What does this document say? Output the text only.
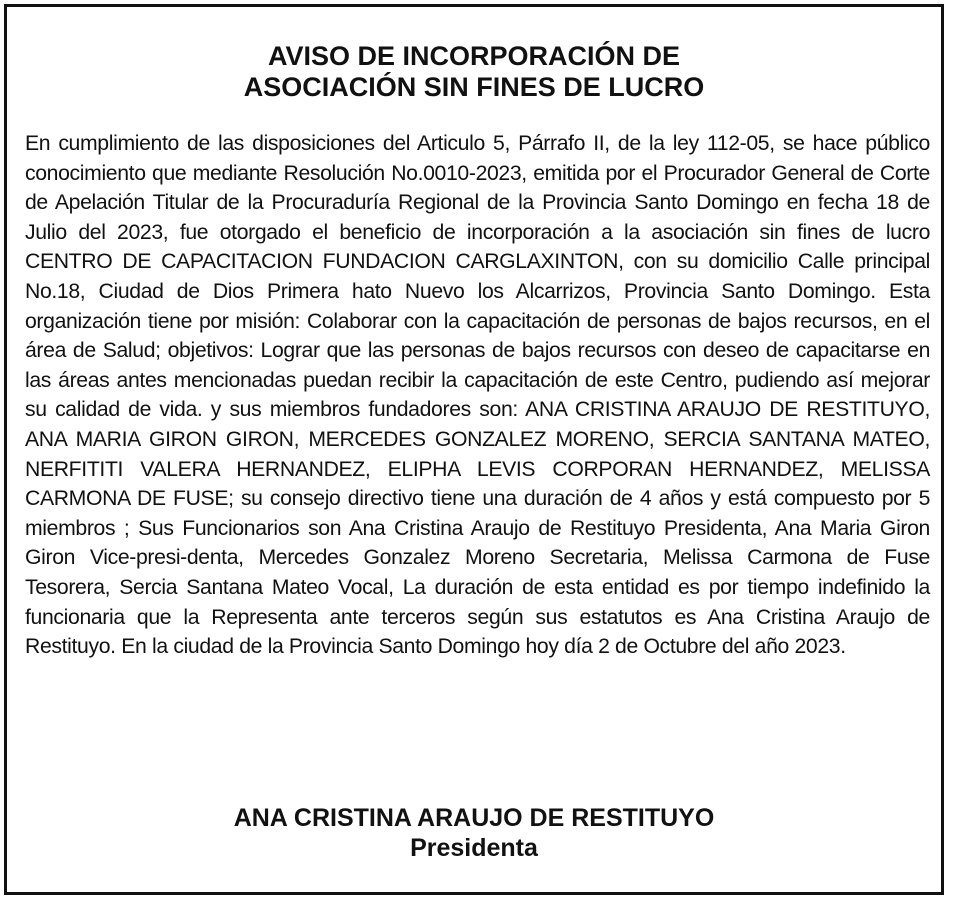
AVISO DE INCORPORACIÓN DE
ASOCIACIÓN SIN FINES DE LUCRO

En cumplimiento de las disposiciones del Articulo 5, Párrafo II, de la ley 112-05, se hace público conocimiento que mediante Resolución No.0010-2023, emitida por el Procurador General de Corte de Apelación Titular de la Procuraduría Regional de la Provincia Santo Domingo en fecha 18 de Julio del 2023, fue otorgado el beneficio de incorporación a la asociación sin fines de lucro CENTRO DE CAPACITACION FUNDACION CARGLAXINTON, con su domicilio Calle principal No.18, Ciudad de Dios Primera hato Nuevo los Alcarrizos, Provincia Santo Domingo. Esta organización tiene por misión: Colaborar con la capacitación de personas de bajos recursos, en el área de Salud; objetivos: Lograr que las personas de bajos recursos con deseo de capacitarse en las áreas antes mencionadas puedan recibir la capacitación de este Centro, pudiendo así mejorar su calidad de vida. y sus miembros fundadores son: ANA CRISTINA ARAUJO DE RESTITUYO, ANA MARIA GIRON GIRON, MERCEDES GONZALEZ MORENO, SERCIA SANTANA MATEO, NERFITITI VALERA HERNANDEZ, ELIPHA LEVIS CORPORAN HERNANDEZ, MELISSA CARMONA DE FUSE; su consejo directivo tiene una duración de 4 años y está compuesto por 5 miembros ; Sus Funcionarios son Ana Cristina Araujo de Restituyo Presidenta, Ana Maria Giron Giron Vice-presi-denta, Mercedes Gonzalez Moreno Secretaria, Melissa Carmona de Fuse Tesorera, Sercia Santana Mateo Vocal, La duración de esta entidad es por tiempo indefinido la funcionaria que la Representa ante terceros según sus estatutos es Ana Cristina Araujo de Restituyo. En la ciudad de la Provincia Santo Domingo hoy día 2 de Octubre del año 2023.

ANA CRISTINA ARAUJO DE RESTITUYO
Presidenta
